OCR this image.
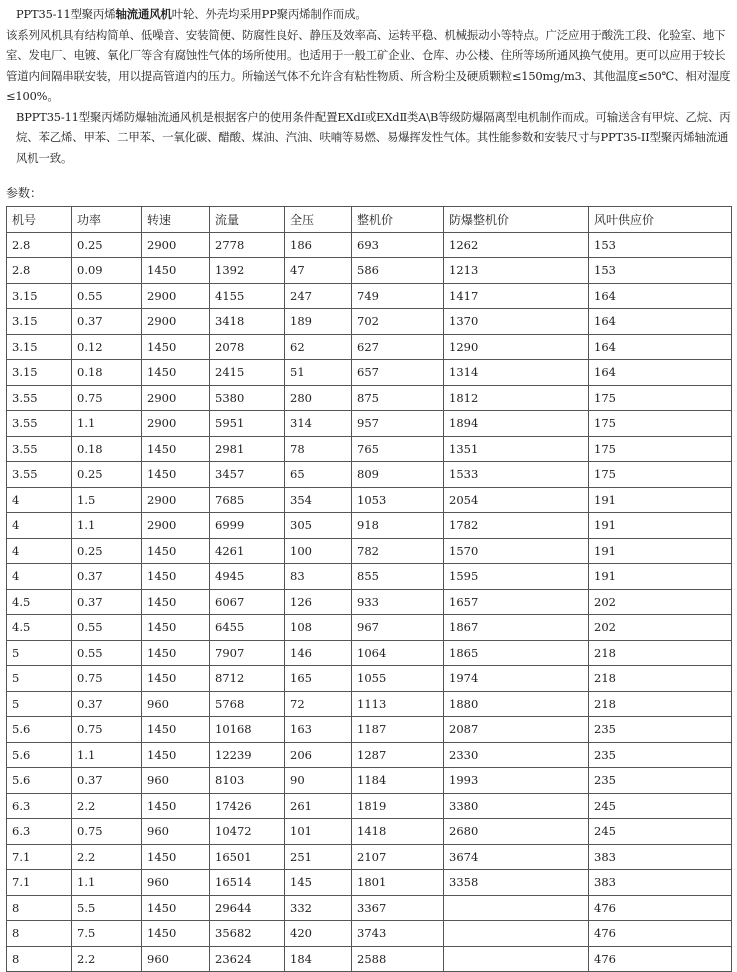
PPT35-11型聚丙烯轴流通风机叶轮、外壳均采用PP聚丙烯制作而成。

该系列风机具有结构简单、低噪音、安装简便、防腐性良好、静压及效率高、运转平稳、机械振动小等特点。广泛应用于酸洗工段、化验室、地下室、发电厂、电镀、氧化厂等含有腐蚀性气体的场所使用。也适用于一般工矿企业、仓库、办公楼、住所等场所通风换气使用。更可以应用于较长管道内间隔串联安装，用以提高管道内的压力。所输送气体不允许含有粘性物质、所含粉尘及硬质颗粒≤150mg/m3、其他温度≤50℃、相对湿度≤100%。

BPPT35-11型聚丙烯防爆轴流通风机是根据客户的使用条件配置EXdⅠ或EXdⅡ类A\B等级防爆隔离型电机制作而成。可输送含有甲烷、乙烷、丙烷、苯乙烯、甲苯、二甲苯、一氧化碳、醋酸、煤油、汽油、呋喃等易燃、易爆挥发性气体。其性能参数和安装尺寸与PPT35-II型聚丙烯轴流通风机一致。

参数：
机号	功率	转速	流量	全压	整机价	防爆整机价	风叶供应价
2.8	0.25	2900	2778	186	693	1262	153
2.8	0.09	1450	1392	47	586	1213	153
3.15	0.55	2900	4155	247	749	1417	164
3.15	0.37	2900	3418	189	702	1370	164
3.15	0.12	1450	2078	62	627	1290	164
3.15	0.18	1450	2415	51	657	1314	164
3.55	0.75	2900	5380	280	875	1812	175
3.55	1.1	2900	5951	314	957	1894	175
3.55	0.18	1450	2981	78	765	1351	175
3.55	0.25	1450	3457	65	809	1533	175
4	1.5	2900	7685	354	1053	2054	191
4	1.1	2900	6999	305	918	1782	191
4	0.25	1450	4261	100	782	1570	191
4	0.37	1450	4945	83	855	1595	191
4.5	0.37	1450	6067	126	933	1657	202
4.5	0.55	1450	6455	108	967	1867	202
5	0.55	1450	7907	146	1064	1865	218
5	0.75	1450	8712	165	1055	1974	218
5	0.37	960	5768	72	1113	1880	218
5.6	0.75	1450	10168	163	1187	2087	235
5.6	1.1	1450	12239	206	1287	2330	235
5.6	0.37	960	8103	90	1184	1993	235
6.3	2.2	1450	17426	261	1819	3380	245
6.3	0.75	960	10472	101	1418	2680	245
7.1	2.2	1450	16501	251	2107	3674	383
7.1	1.1	960	16514	145	1801	3358	383
8	5.5	1450	29644	332	3367		476
8	7.5	1450	35682	420	3743		476
8	2.2	960	23624	184	2588		476
